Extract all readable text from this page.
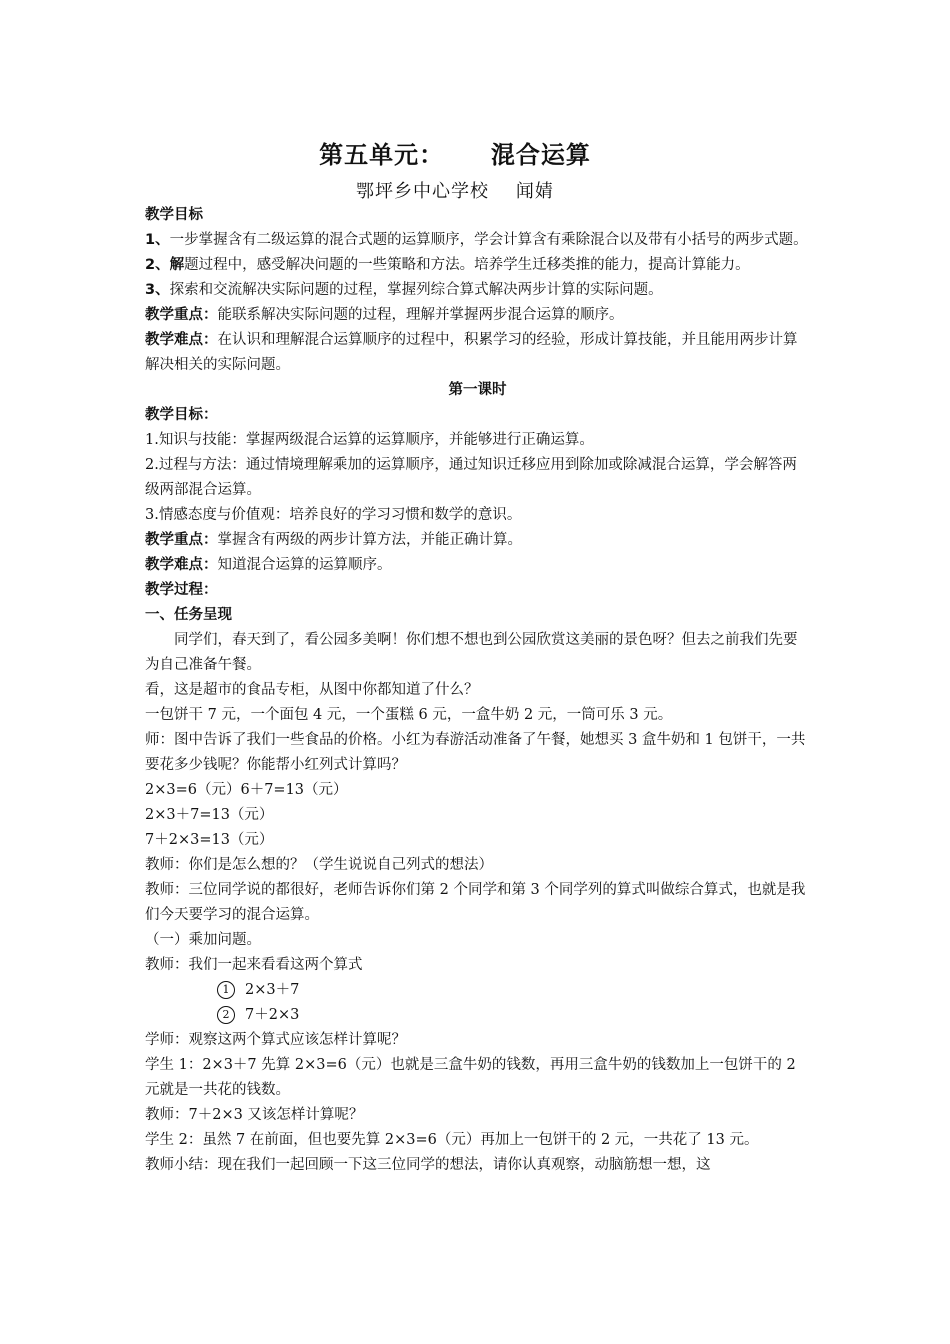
第五单元：     混合运算
鄂坪乡中心学校    闻婧

教学目标

1、一步掌握含有二级运算的混合式题的运算顺序，学会计算含有乘除混合以及带有小括号的两步式题。

2、解题过程中，感受解决问题的一些策略和方法。培养学生迁移类推的能力，提高计算能力。

3、探索和交流解决实际问题的过程，掌握列综合算式解决两步计算的实际问题。

教学重点：能联系解决实际问题的过程，理解并掌握两步混合运算的顺序。

教学难点：在认识和理解混合运算顺序的过程中，积累学习的经验，形成计算技能，并且能用两步计算解决相关的实际问题。

第一课时

教学目标：

1.知识与技能：掌握两级混合运算的运算顺序，并能够进行正确运算。

2.过程与方法：通过情境理解乘加的运算顺序，通过知识迁移应用到除加或除减混合运算，学会解答两级两部混合运算。

3.情感态度与价值观：培养良好的学习习惯和数学的意识。

教学重点：掌握含有两级的两步计算方法，并能正确计算。

教学难点：知道混合运算的运算顺序。

教学过程：

一、任务呈现

同学们，春天到了，看公园多美啊！你们想不想也到公园欣赏这美丽的景色呀？但去之前我们先要为自己准备午餐。

看，这是超市的食品专柜，从图中你都知道了什么？

一包饼干 7 元，一个面包 4 元，一个蛋糕 6 元，一盒牛奶 2 元，一筒可乐 3 元。

师：图中告诉了我们一些食品的价格。小红为春游活动准备了午餐，她想买 3 盒牛奶和 1 包饼干，一共要花多少钱呢？你能帮小红列式计算吗？

2×3=6（元）6＋7=13（元）

2×3＋7=13（元）

7＋2×3=13（元）

教师：你们是怎么想的？（学生说说自己列式的想法）

教师：三位同学说的都很好，老师告诉你们第 2 个同学和第 3 个同学列的算式叫做综合算式，也就是我们今天要学习的混合运算。

（一）乘加问题。

教师：我们一起来看看这两个算式

1 2×3＋7

2 7＋2×3

学师：观察这两个算式应该怎样计算呢？

学生 1：2×3＋7 先算 2×3=6（元）也就是三盒牛奶的钱数，再用三盒牛奶的钱数加上一包饼干的 2 元就是一共花的钱数。

教师：7＋2×3 又该怎样计算呢？

学生 2：虽然 7 在前面，但也要先算 2×3=6（元）再加上一包饼干的 2 元，一共花了 13 元。

教师小结：现在我们一起回顾一下这三位同学的想法，请你认真观察，动脑筋想一想，这
